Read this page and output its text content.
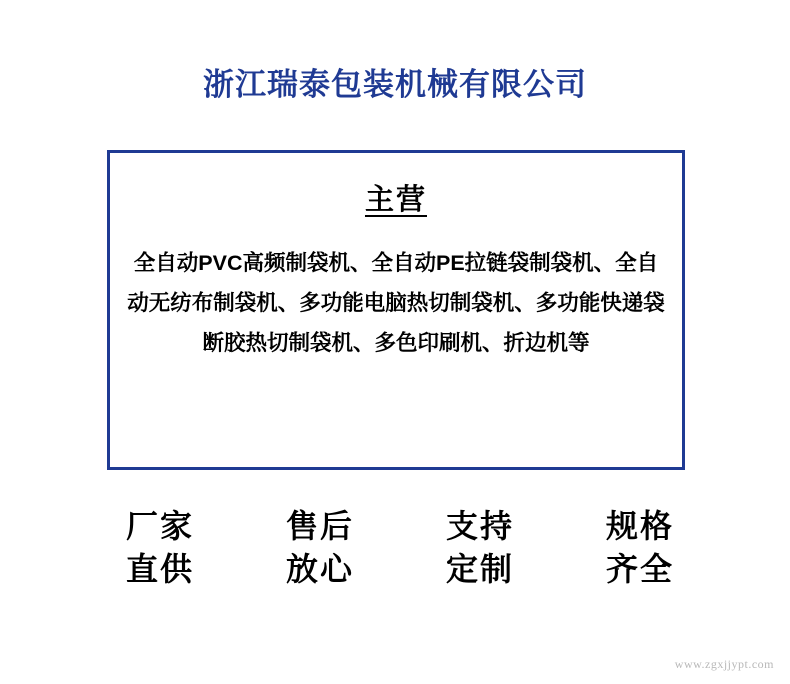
浙江瑞泰包装机械有限公司
主营
全自动PVC高频制袋机、全自动PE拉链袋制袋机、全自动无纺布制袋机、多功能电脑热切制袋机、多功能快递袋断胶热切制袋机、多色印刷机、折边机等
厂家
直供
售后
放心
支持
定制
规格
齐全
www.zgxjjypt.com
